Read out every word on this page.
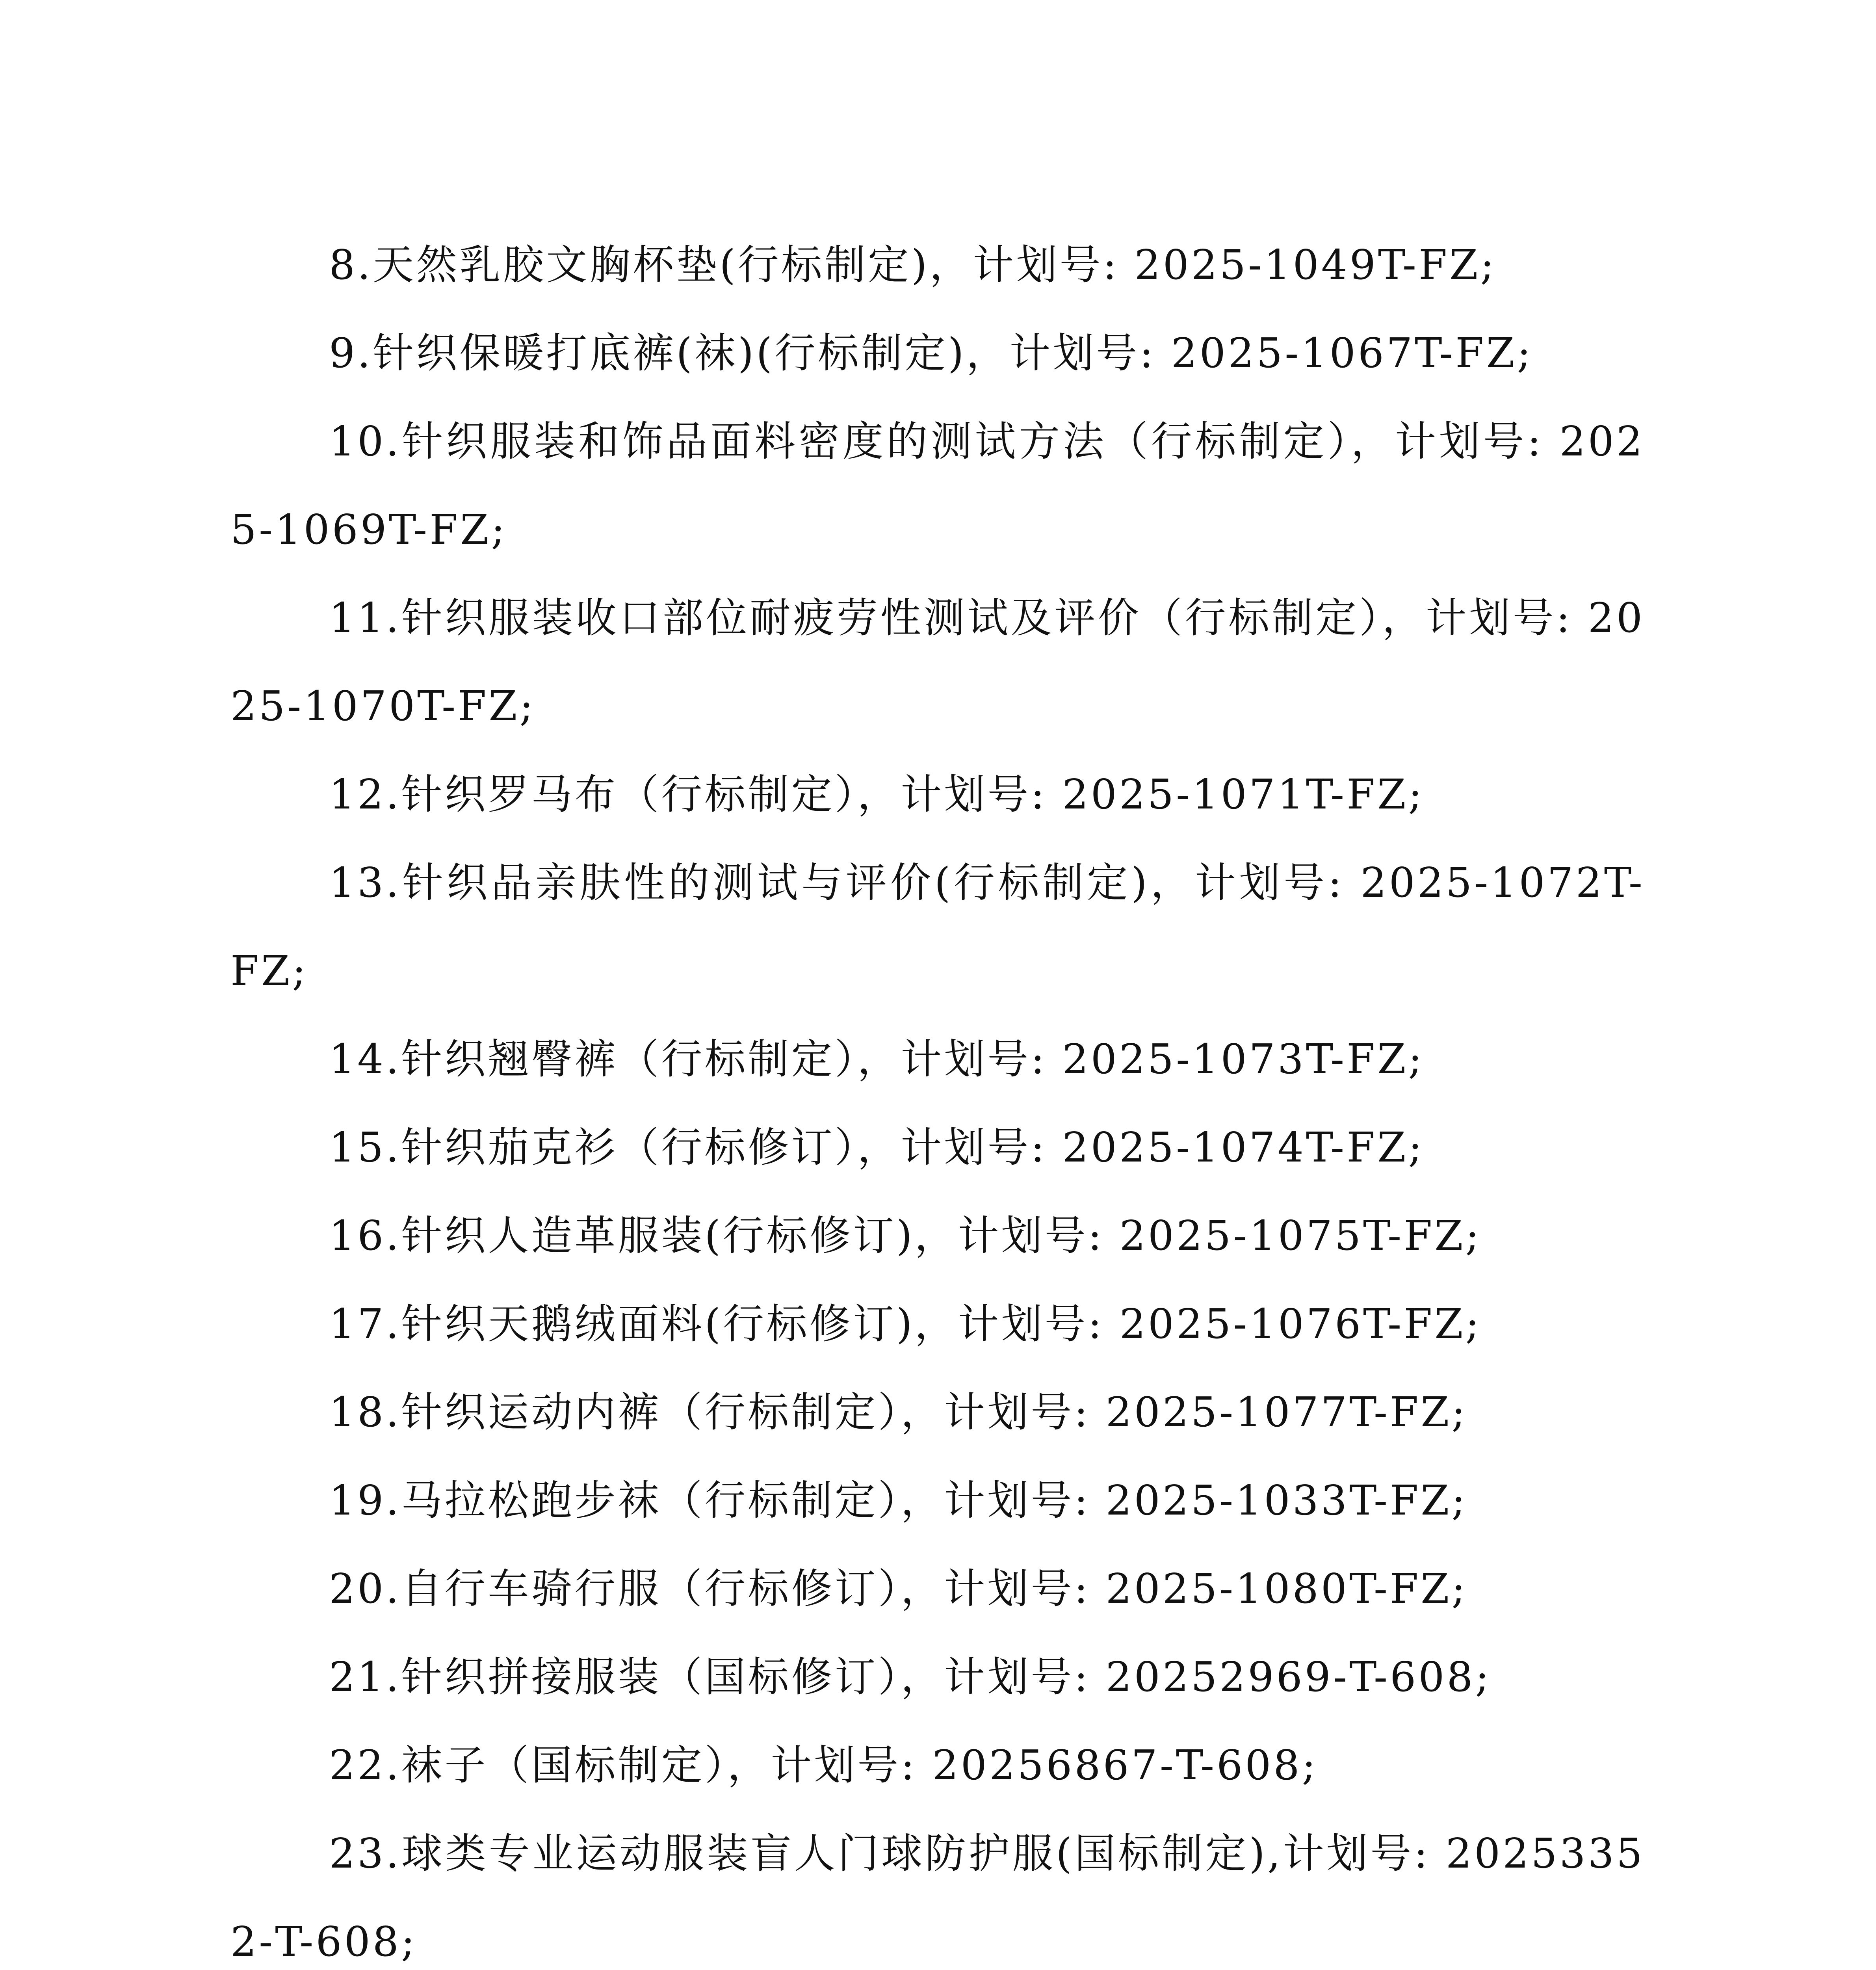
8.天然乳胶文胸杯垫(行标制定)，计划号: 2025-1049T-FZ;

9.针织保暖打底裤(袜)(行标制定)，计划号: 2025-1067T-FZ;

10.针织服装和饰品面料密度的测试方法（行标制定），计划号: 2025-1069T-FZ;

11.针织服装收口部位耐疲劳性测试及评价（行标制定），计划号: 2025-1070T-FZ;

12.针织罗马布（行标制定），计划号: 2025-1071T-FZ;

13.针织品亲肤性的测试与评价(行标制定)，计划号: 2025-1072T-FZ;

14.针织翘臀裤（行标制定），计划号: 2025-1073T-FZ;

15.针织茄克衫（行标修订），计划号: 2025-1074T-FZ;

16.针织人造革服装(行标修订)，计划号: 2025-1075T-FZ;

17.针织天鹅绒面料(行标修订)，计划号: 2025-1076T-FZ;

18.针织运动内裤（行标制定），计划号: 2025-1077T-FZ;

19.马拉松跑步袜（行标制定），计划号: 2025-1033T-FZ;

20.自行车骑行服（行标修订），计划号: 2025-1080T-FZ;

21.针织拼接服装（国标修订），计划号: 20252969-T-608;

22.袜子（国标制定），计划号: 20256867-T-608;

23.球类专业运动服装盲人门球防护服(国标制定),计划号: 20253352-T-608;
